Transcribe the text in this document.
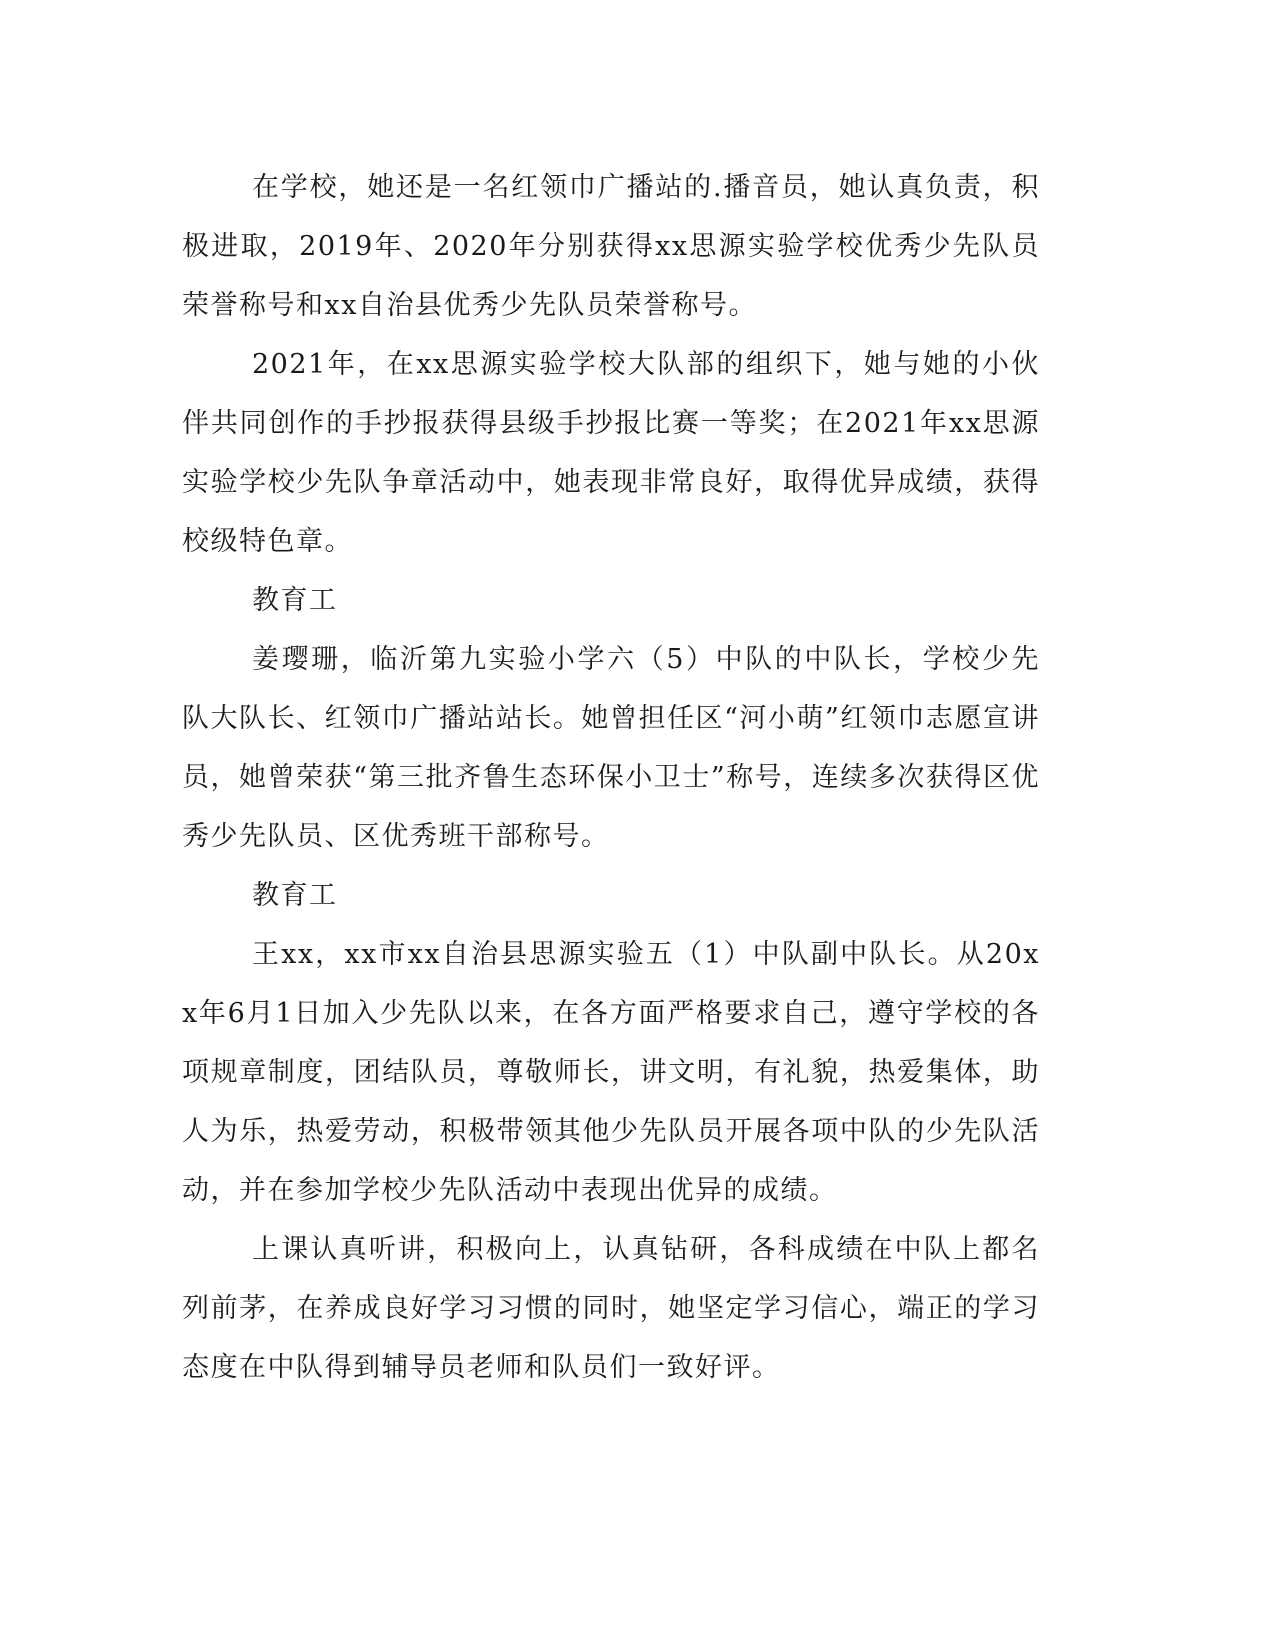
在学校，她还是一名红领巾广播站的.播音员，她认真负责，积极进取，2019年、2020年分别获得xx思源实验学校优秀少先队员荣誉称号和xx自治县优秀少先队员荣誉称号。

2021年，在xx思源实验学校大队部的组织下，她与她的小伙伴共同创作的手抄报获得县级手抄报比赛一等奖；在2021年xx思源实验学校少先队争章活动中，她表现非常良好，取得优异成绩，获得校级特色章。

教育工

姜璎珊，临沂第九实验小学六（5）中队的中队长，学校少先队大队长、红领巾广播站站长。她曾担任区“河小萌”红领巾志愿宣讲员，她曾荣获“第三批齐鲁生态环保小卫士”称号，连续多次获得区优秀少先队员、区优秀班干部称号。

教育工

王xx，xx市xx自治县思源实验五（1）中队副中队长。从20xx年6月1日加入少先队以来，在各方面严格要求自己，遵守学校的各项规章制度，团结队员，尊敬师长，讲文明，有礼貌，热爱集体，助人为乐，热爱劳动，积极带领其他少先队员开展各项中队的少先队活动，并在参加学校少先队活动中表现出优异的成绩。

上课认真听讲，积极向上，认真钻研，各科成绩在中队上都名列前茅，在养成良好学习习惯的同时，她坚定学习信心，端正的学习态度在中队得到辅导员老师和队员们一致好评。
